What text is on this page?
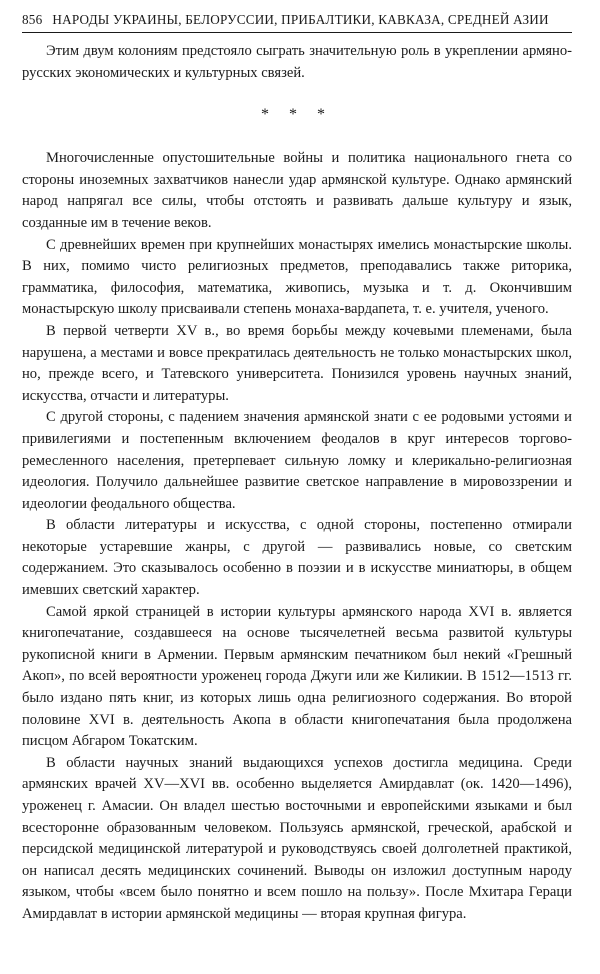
856 НАРОДЫ УКРАИНЫ, БЕЛОРУССИИ, ПРИБАЛТИКИ, КАВКАЗА, СРЕДНЕЙ АЗИИ

Этим двум колониям предстояло сыграть значительную роль в укреплении армяно-русских экономических и культурных связей.

* * *

Многочисленные опустошительные войны и политика национального гнета со стороны иноземных захватчиков нанесли удар армянской культуре. Однако армянский народ напрягал все силы, чтобы отстоять и развивать дальше культуру и язык, созданные им в течение веков.

С древнейших времен при крупнейших монастырях имелись монастырские школы. В них, помимо чисто религиозных предметов, преподавались также риторика, грамматика, философия, математика, живопись, музыка и т. д. Окончившим монастырскую школу присваивали степень монаха-вардапета, т. е. учителя, ученого.

В первой четверти XV в., во время борьбы между кочевыми племенами, была нарушена, а местами и вовсе прекратилась деятельность не только монастырских школ, но, прежде всего, и Татевского университета. Понизился уровень научных знаний, искусства, отчасти и литературы.

С другой стороны, с падением значения армянской знати с ее родовыми устоями и привилегиями и постепенным включением феодалов в круг интересов торгово-ремесленного населения, претерпевает сильную ломку и клерикально-религиозная идеология. Получило дальнейшее развитие светское направление в мировоззрении и идеологии феодального общества.

В области литературы и искусства, с одной стороны, постепенно отмирали некоторые устаревшие жанры, с другой — развивались новые, со светским содержанием. Это сказывалось особенно в поэзии и в искусстве миниатюры, в общем имевших светский характер.

Самой яркой страницей в истории культуры армянского народа XVI в. является книгопечатание, создавшееся на основе тысячелетней весьма развитой культуры рукописной книги в Армении. Первым армянским печатником был некий «Грешный Акоп», по всей вероятности уроженец города Джуги или же Киликии. В 1512—1513 гг. было издано пять книг, из которых лишь одна религиозного содержания. Во второй половине XVI в. деятельность Акопа в области книгопечатания была продолжена писцом Абгаром Токатским.

В области научных знаний выдающихся успехов достигла медицина. Среди армянских врачей XV—XVI вв. особенно выделяется Амирдавлат (ок. 1420—1496), уроженец г. Амасии. Он владел шестью восточными и европейскими языками и был всесторонне образованным человеком. Пользуясь армянской, греческой, арабской и персидской медицинской литературой и руководствуясь своей долголетней практикой, он написал десять медицинских сочинений. Выводы он изложил доступным народу языком, чтобы «всем было понятно и всем пошло на пользу». После Мхитара Гераци Амирдавлат в истории армянской медицины — вторая крупная фигура.
